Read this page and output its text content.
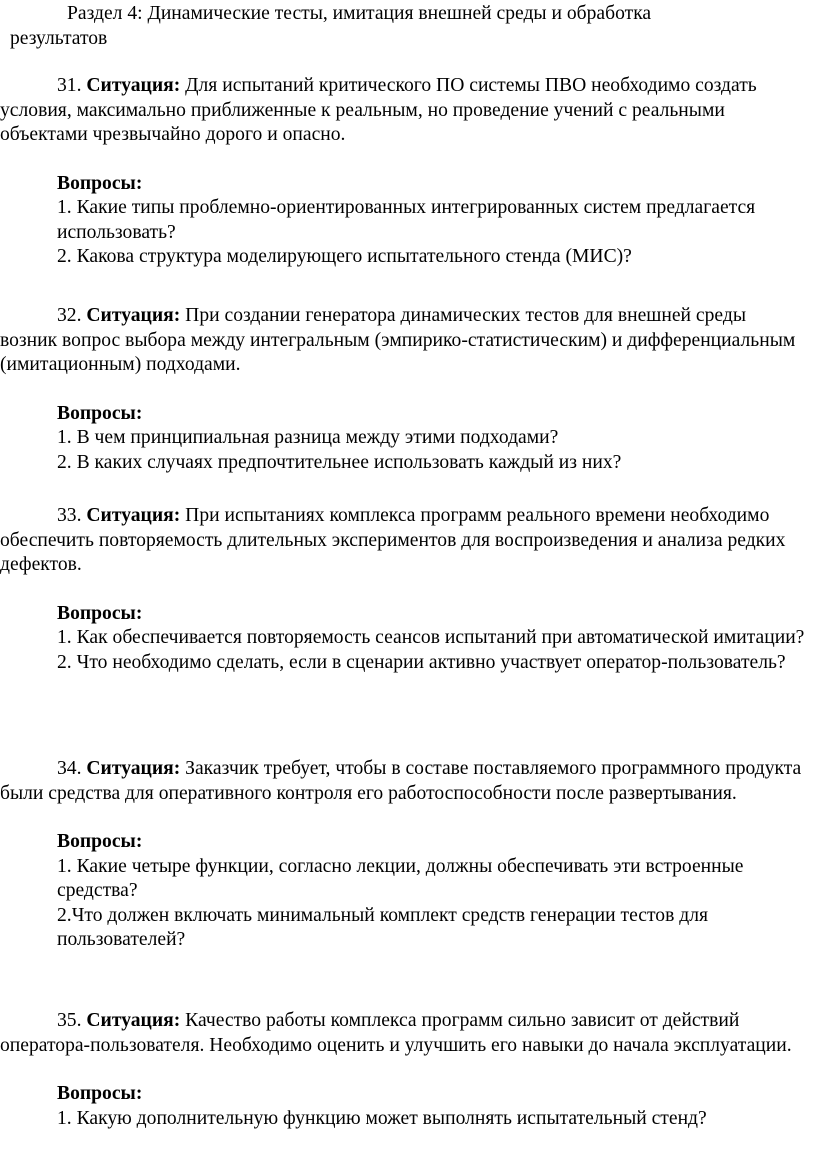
Раздел 4: Динамические тесты, имитация внешней среды и обработка
результатов

31. Ситуация: Для испытаний критического ПО системы ПВО необходимо создать условия, максимально приближенные к реальным, но проведение учений с реальными объектами чрезвычайно дорого и опасно.

Вопросы:
1. Какие типы проблемно-ориентированных интегрированных систем предлагается использовать?
2. Какова структура моделирующего испытательного стенда (МИС)?

32. Ситуация: При создании генератора динамических тестов для внешней среды возник вопрос выбора между интегральным (эмпирико-статистическим) и дифференциальным (имитационным) подходами.

Вопросы:
1. В чем принципиальная разница между этими подходами?
2. В каких случаях предпочтительнее использовать каждый из них?

33. Ситуация: При испытаниях комплекса программ реального времени необходимо обеспечить повторяемость длительных экспериментов для воспроизведения и анализа редких дефектов.

Вопросы:
1. Как обеспечивается повторяемость сеансов испытаний при автоматической имитации?
2. Что необходимо сделать, если в сценарии активно участвует оператор-пользователь?

34. Ситуация: Заказчик требует, чтобы в составе поставляемого программного продукта были средства для оперативного контроля его работоспособности после развертывания.

Вопросы:
1. Какие четыре функции, согласно лекции, должны обеспечивать эти встроенные средства?
2.Что должен включать минимальный комплект средств генерации тестов для пользователей?

35. Ситуация: Качество работы комплекса программ сильно зависит от действий оператора-пользователя. Необходимо оценить и улучшить его навыки до начала эксплуатации.

Вопросы:
1. Какую дополнительную функцию может выполнять испытательный стенд?
